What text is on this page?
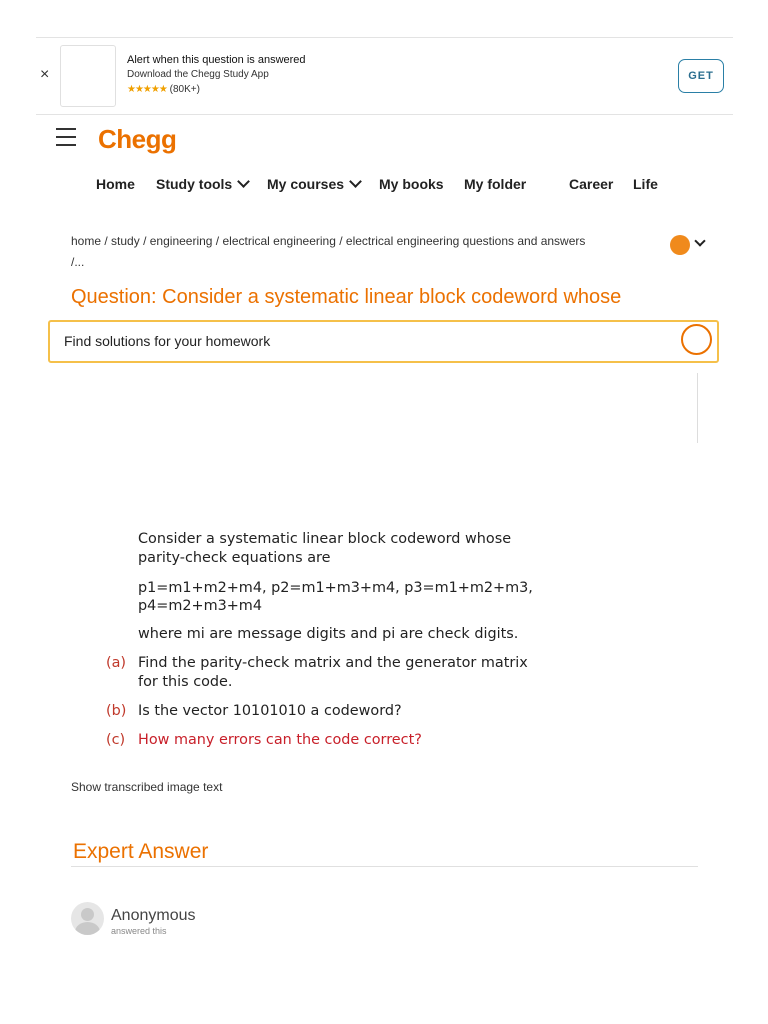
×
Alert when this question is answered
Download the Chegg Study App
★★★★★ (80K+)
GET
Chegg
Home Study tools	My courses	My books My folder	Career Life
home / study / engineering / electrical engineering / electrical engineering questions and answers
/...
Question: Consider a systematic linear block codeword whose
Find solutions for your homework

Consider a systematic linear block codeword whose

parity-check equations are

p1=m1+m2+m4, p2=m1+m3+m4, p3=m1+m2+m3,

p4=m2+m3+m4

where mi are message digits and pi are check digits.

(a) Find the parity-check matrix and the generator matrix

for this code.

(b) Is the vector 10101010 a codeword?

(c) How many errors can the code correct?

Show transcribed image text
Expert Answer
Anonymous
answered this
